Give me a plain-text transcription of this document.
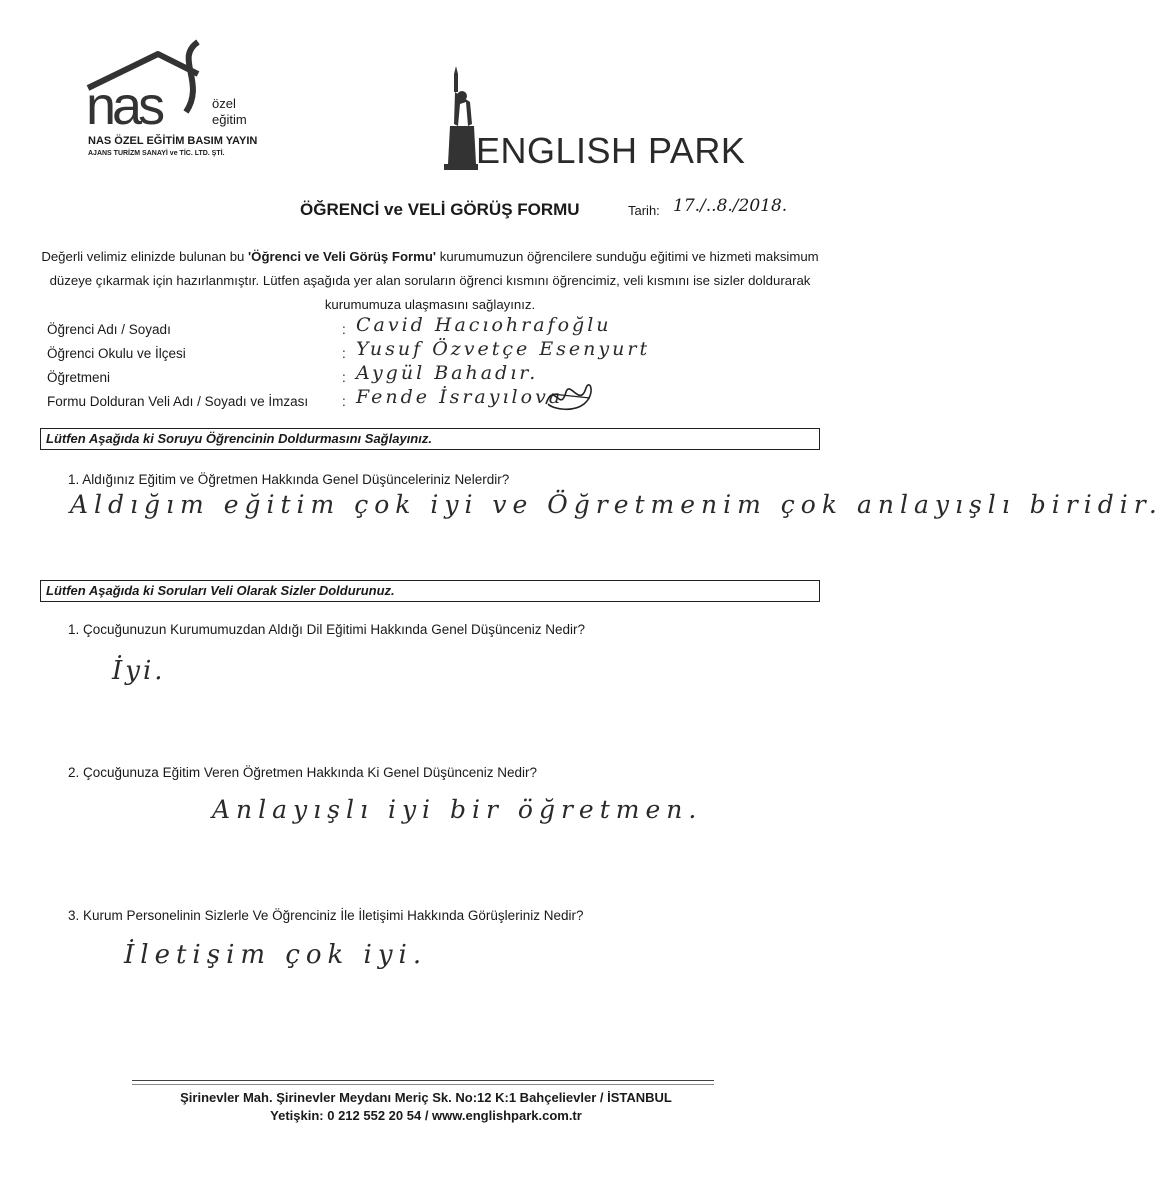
nas	özel
eğitim
NAS ÖZEL EĞİTİM BASIM YAYIN
AJANS TURİZM SANAYİ ve TİC. LTD. ŞTİ.	ENGLISH PARK
ÖĞRENCİ ve VELİ GÖRÜŞ FORMU	Tarih: 17./..8./2018.
Değerli velimiz elinizde bulunan bu 'Öğrenci ve Veli Görüş Formu' kurumumuzun öğrencilere sunduğu eğitimi ve hizmeti maksimum düzeye çıkarmak için hazırlanmıştır. Lütfen aşağıda yer alan soruların öğrenci kısmını öğrencimiz, veli kısmını ise sizler doldurarak kurumumuza ulaşmasını sağlayınız.
Öğrenci Adı / Soyadı	: Cavid Hacıohrafoğlu
Öğrenci Okulu ve İlçesi	: Yusuf Özvetçe Esenyurt
Öğretmeni	: Aygül Bahadır.
Formu Dolduran Veli Adı / Soyadı ve İmzası	: Fende İsrayılova
Lütfen Aşağıda ki Soruyu Öğrencinin Doldurmasını Sağlayınız.
1. Aldığınız Eğitim ve Öğretmen Hakkında Genel Düşünceleriniz Nelerdir?
Aldığım eğitim çok iyi ve Öğretmenim çok anlayışlı biridir.
Lütfen Aşağıda ki Soruları Veli Olarak Sizler Doldurunuz.
1. Çocuğunuzun Kurumumuzdan Aldığı Dil Eğitimi Hakkında Genel Düşünceniz Nedir?
İyi.
2. Çocuğunuza Eğitim Veren Öğretmen Hakkında Ki Genel Düşünceniz Nedir?
Anlayışlı iyi bir öğretmen.
3. Kurum Personelinin Sizlerle Ve Öğrenciniz İle İletişimi Hakkında Görüşleriniz Nedir?
İletişim çok iyi.
Şirinevler Mah. Şirinevler Meydanı Meriç Sk. No:12 K:1 Bahçelievler / İSTANBUL
Yetişkin: 0 212 552 20 54 / www.englishpark.com.tr
